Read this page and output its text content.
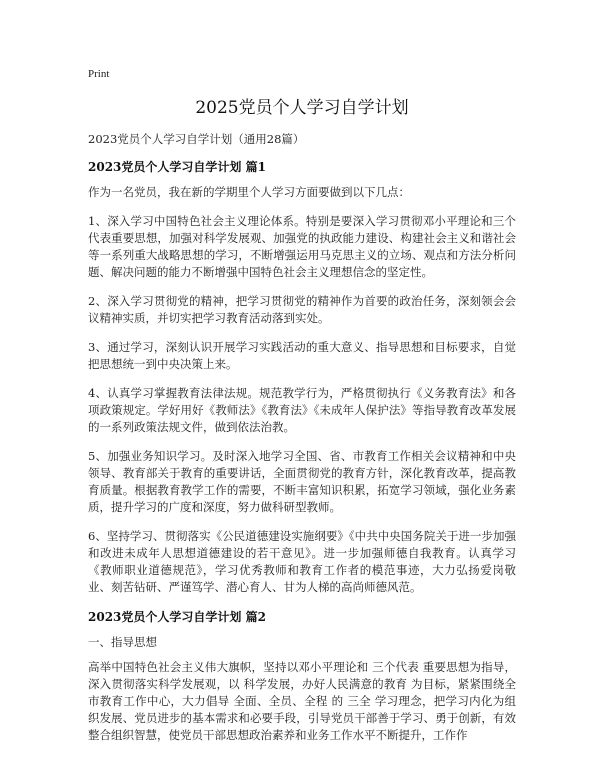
Print
2025党员个人学习自学计划

2023党员个人学习自学计划（通用28篇）

2023党员个人学习自学计划 篇1

作为一名党员，我在新的学期里个人学习方面要做到以下几点：

1、深入学习中国特色社会主义理论体系。特别是要深入学习贯彻邓小平理论和三个代表重要思想，加强对科学发展观、加强党的执政能力建设、构建社会主义和谐社会等一系列重大战略思想的学习，不断增强运用马克思主义的立场、观点和方法分析问题、解决问题的能力不断增强中国特色社会主义理想信念的坚定性。

2、深入学习贯彻党的精神，把学习贯彻党的精神作为首要的政治任务，深刻领会会议精神实质，并切实把学习教育活动落到实处。

3、通过学习，深刻认识开展学习实践活动的重大意义、指导思想和目标要求，自觉把思想统一到中央决策上来。

4、认真学习掌握教育法律法规。规范教学行为，严格贯彻执行《义务教育法》和各项政策规定。学好用好《教师法》《教育法》《未成年人保护法》等指导教育改革发展的一系列政策法规文件，做到依法治教。

5、加强业务知识学习。及时深入地学习全国、省、市教育工作相关会议精神和中央领导、教育部关于教育的重要讲话，全面贯彻党的教育方针，深化教育改革，提高教育质量。根据教育教学工作的需要，不断丰富知识积累，拓宽学习领域，强化业务素质，提升学习的广度和深度，努力做科研型教师。

6、坚持学习、贯彻落实《公民道德建设实施纲要》《中共中央国务院关于进一步加强和改进未成年人思想道德建设的若干意见》。进一步加强师德自我教育。认真学习《教师职业道德规范》，学习优秀教师和教育工作者的模范事迹，大力弘扬爱岗敬业、刻苦钻研、严谨笃学、潜心育人、甘为人梯的高尚师德风范。

2023党员个人学习自学计划 篇2

一、指导思想

高举中国特色社会主义伟大旗帜，坚持以邓小平理论和 三个代表 重要思想为指导，深入贯彻落实科学发展观，以 科学发展，办好人民满意的教育 为目标，紧紧围绕全市教育工作中心，大力倡导 全面、全员、全程 的 三全 学习理念，把学习内化为组织发展、党员进步的基本需求和必要手段，引导党员干部善于学习、勇于创新，有效整合组织智慧，使党员干部思想政治素养和业务工作水平不断提升，工作作
